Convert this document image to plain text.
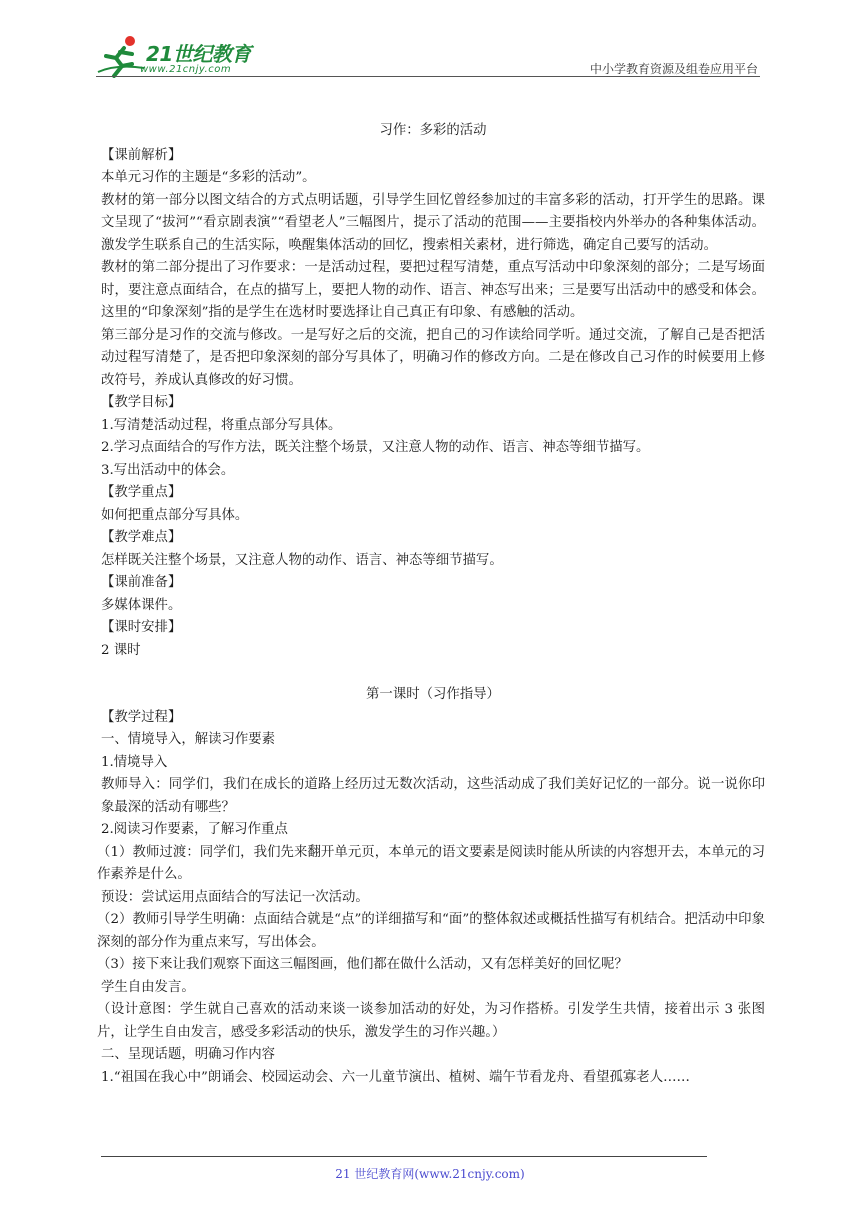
21世纪教育
www.21cnjy.com	中小学教育资源及组卷应用平台

习作：多彩的活动

【课前解析】

本单元习作的主题是“多彩的活动”。

教材的第一部分以图文结合的方式点明话题，引导学生回忆曾经参加过的丰富多彩的活动，打开学生的思路。课文呈现了“拔河”“看京剧表演”“看望老人”三幅图片，提示了活动的范围——主要指校内外举办的各种集体活动。激发学生联系自己的生活实际，唤醒集体活动的回忆，搜索相关素材，进行筛选，确定自己要写的活动。

教材的第二部分提出了习作要求：一是活动过程，要把过程写清楚，重点写活动中印象深刻的部分；二是写场面时，要注意点面结合，在点的描写上，要把人物的动作、语言、神态写出来；三是要写出活动中的感受和体会。这里的“印象深刻”指的是学生在选材时要选择让自己真正有印象、有感触的活动。

第三部分是习作的交流与修改。一是写好之后的交流，把自己的习作读给同学听。通过交流，了解自己是否把活动过程写清楚了，是否把印象深刻的部分写具体了，明确习作的修改方向。二是在修改自己习作的时候要用上修改符号，养成认真修改的好习惯。

【教学目标】

1.写清楚活动过程，将重点部分写具体。

2.学习点面结合的写作方法，既关注整个场景，又注意人物的动作、语言、神态等细节描写。

3.写出活动中的体会。

【教学重点】

如何把重点部分写具体。

【教学难点】

怎样既关注整个场景，又注意人物的动作、语言、神态等细节描写。

【课前准备】

多媒体课件。

【课时安排】

2 课时

第一课时（习作指导）

【教学过程】

一、情境导入，解读习作要素

1.情境导入

教师导入：同学们，我们在成长的道路上经历过无数次活动，这些活动成了我们美好记忆的一部分。说一说你印象最深的活动有哪些？

2.阅读习作要素，了解习作重点

（1）教师过渡：同学们，我们先来翻开单元页，本单元的语文要素是阅读时能从所读的内容想开去，本单元的习作素养是什么。

预设：尝试运用点面结合的写法记一次活动。

（2）教师引导学生明确：点面结合就是“点”的详细描写和“面”的整体叙述或概括性描写有机结合。把活动中印象深刻的部分作为重点来写，写出体会。

（3）接下来让我们观察下面这三幅图画，他们都在做什么活动，又有怎样美好的回忆呢？

学生自由发言。

（设计意图：学生就自己喜欢的活动来谈一谈参加活动的好处，为习作搭桥。引发学生共情，接着出示 3 张图片，让学生自由发言，感受多彩活动的快乐，激发学生的习作兴趣。）

二、呈现话题，明确习作内容

1.“祖国在我心中”朗诵会、校园运动会、六一儿童节演出、植树、端午节看龙舟、看望孤寡老人……

21 世纪教育网(www.21cnjy.com)
